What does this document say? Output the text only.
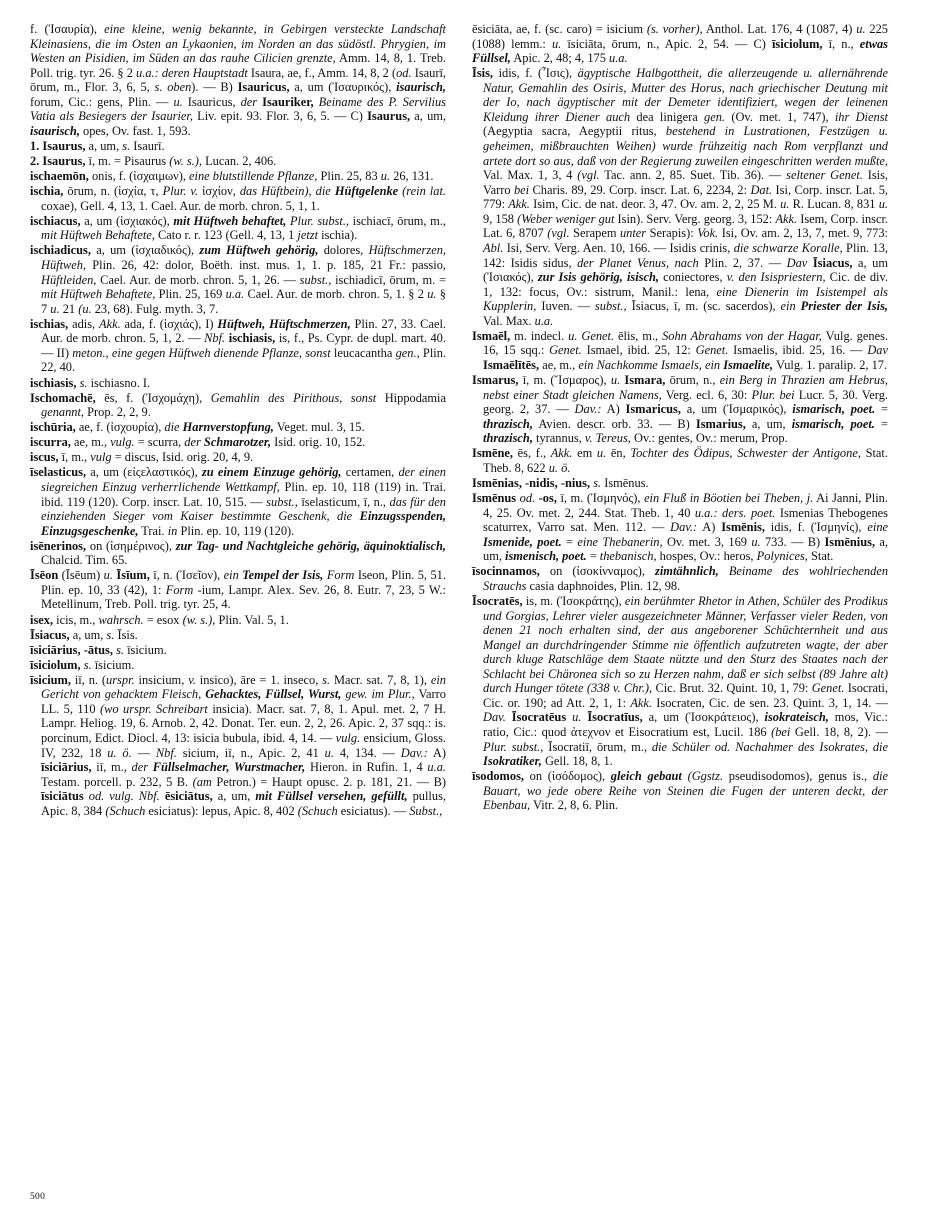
f. (Ἰσαυρία), eine kleine, wenig bekannte, in Gebirgen versteckte Landschaft Kleinasiens, die im Osten an Lykaonien, im Norden an das südöstl. Phrygien, im Westen an Pisidien, im Süden an das rauhe Cilicien grenzte, Amm. 14, 8, 1. Treb. Poll. trig. tyr. 26. § 2 u.a.: deren Hauptstadt Isaura, ae, f., Amm. 14, 8, 2 (od. Isaurī, ōrum, m., Flor. 3, 6, 5, s. oben). — B) Isauricus, a, um (Ἰσαυρικός), isaurisch, forum, Cic.: gens, Plin. — u. Isauricus, der Isauriker, Beiname des P. Servilius Vatia als Besiegers der Isaurier, Liv. epit. 93. Flor. 3, 6, 5. — C) Isaurus, a, um, isaurisch, opes, Ov. fast. 1, 593.

1. Isaurus, a, um, s. Isaurī.

2. Isaurus, ī, m. = Pisaurus (w. s.), Lucan. 2, 406.

ischaemōn, onis, f. (ἰσχαιμων), eine blutstillende Pflanze, Plin. 25, 83 u. 26, 131.

ischia, ōrum, n. (ἰσχία, τ, Plur. v. ἰσχίον, das Hüftbein), die Hüftgelenke (rein lat. coxae), Gell. 4, 13, 1. Cael. Aur. de morb. chron. 5, 1, 1.

ischiacus, a, um (ἰσχιακός), mit Hüftweh behaftet, Plur. subst., ischiacī, ōrum, m., mit Hüftweh Behaftete, Cato r. r. 123 (Gell. 4, 13, 1 jetzt ischia).

ischiadicus, a, um (ἰσχιαδικός), zum Hüftweh gehörig, dolores, Hüftschmerzen, Hüftweh, Plin. 26, 42: dolor, Boëth. inst. mus. 1, 1. p. 185, 21 Fr.: passio, Hüftleiden, Cael. Aur. de morb. chron. 5, 1, 26. — subst., ischiadicī, ōrum, m. = mit Hüftweh Behaftete, Plin. 25, 169 u.a. Cael. Aur. de morb. chron. 5, 1. § 2 u. § 7 u. 21 (u. 23, 68). Fulg. myth. 3, 7.

ischias, adis, Akk. ada, f. (ἰσχιάς), I) Hüftweh, Hüftschmerzen, Plin. 27, 33. Cael. Aur. de morb. chron. 5, 1, 2. — Nbf. ischiasis, is, f., Ps. Cypr. de dupl. mart. 40. — II) meton., eine gegen Hüftweh dienende Pflanze, sonst leucacantha gen., Plin. 22, 40.

ischiasis, s. ischiasno. I.

Ischomachē, ēs, f. (Ἰσχομάχη), Gemahlin des Pirithous, sonst Hippodamia genannt, Prop. 2, 2, 9.

ischūria, ae, f. (ἰσχουρία), die Harnverstopfung, Veget. mul. 3, 15.

iscurra, ae, m., vulg. = scurra, der Schmarotzer, Isid. orig. 10, 152.

iscus, ī, m., vulg = discus, Isid. orig. 20, 4, 9.

īselasticus, a, um (εἰςελαστικός), zu einem Einzuge gehörig, certamen, der einen siegreichen Einzug verherrlichende Wettkampf, Plin. ep. 10, 118 (119) in. Trai. ibid. 119 (120). Corp. inscr. Lat. 10, 515. — subst., īselasticum, ī, n., das für den einziehenden Sieger vom Kaiser bestimmte Geschenk, die Einzugsspenden, Einzugsgeschenke, Trai. in Plin. ep. 10, 119 (120).

isēnerinos, on (ἰσημέρινος), zur Tag- und Nachtgleiche gehörig, äquinoktialisch, Chalcid. Tim. 65.

Īsēon (Īsēum) u. Īsīum, ī, n. (Ἰσεῖον), ein Tempel der Isis, Form Iseon, Plin. 5, 51. Plin. ep. 10, 33 (42), 1: Form -ium, Lampr. Alex. Sev. 26, 8. Eutr. 7, 23, 5 W.: Metellinum, Treb. Poll. trig. tyr. 25, 4.

isex, icis, m., wahrsch. = esox (w. s.), Plin. Val. 5, 1.

Īsiacus, a, um, s. Īsis.

īsiciārius, -ātus, s. īsicium.

īsiciolum, s. īsicium.

īsicium, iī, n. (urspr. insicium, v. insico), āre = 1. inseco, s. Macr. sat. 7, 8, 1), ein Gericht von gehacktem Fleisch, Gehacktes, Füllsel, Wurst, gew. im Plur., Varro LL. 5, 110 (wo urspr. Schreibart insicia). Macr. sat. 7, 8, 1. Apul. met. 2, 7 H. Lampr. Heliog. 19, 6. Arnob. 2, 42. Donat. Ter. eun. 2, 2, 26. Apic. 2, 37 sqq.: is. porcinum, Edict. Diocl. 4, 13: isicia bubula, ibid. 4, 14. — vulg. ensicium, Gloss. IV, 232, 18 u. ö. — Nbf. sicium, iī, n., Apic. 2, 41 u. 4, 134. — Dav.: A) īsiciārius, iī, m., der Füllselmacher, Wurstmacher, Hieron. in Rufin. 1, 4 u.a. Testam. porcell. p. 232, 5 B. (am Petron.) = Haupt opusc. 2. p. 181, 21. — B) īsiciātus od. vulg. Nbf. ēsiciātus, a, um, mit Füllsel versehen, gefüllt, pullus, Apic. 8, 384 (Schuch esiciatus): lepus, Apic. 8, 402 (Schuch esiciatus). — Subst.,

ēsiciāta, ae, f. (sc. caro) = isicium (s. vorher), Anthol. Lat. 176, 4 (1087, 4) u. 225 (1088) lemm.: u. īsiciāta, ōrum, n., Apic. 2, 54. — C) īsiciolum, ī, n., etwas Füllsel, Apic. 2, 48; 4, 175 u.a.

Īsis, idis, f. (Ἶσις), ägyptische Halbgottheit, die allerzeugende u. allernährende Natur, Gemahlin des Osiris, Mutter des Horus, nach griechischer Deutung mit der Io, nach ägyptischer mit der Demeter identifiziert, wegen der leinenen Kleidung ihrer Diener auch dea linigera gen. (Ov. met. 1, 747), ihr Dienst (Aegyptia sacra, Aegyptii ritus, bestehend in Lustrationen, Festzügen u. geheimen, mißbrauchten Weihen) wurde frühzeitig nach Rom verpflanzt und artete dort so aus, daß von der Regierung zuweilen eingeschritten werden mußte, Val. Max. 1, 3, 4 (vgl. Tac. ann. 2, 85. Suet. Tib. 36). — seltener Genet. Isis, Varro bei Charis. 89, 29. Corp. inscr. Lat. 6, 2234, 2: Dat. Isi, Corp. inscr. Lat. 5, 779: Akk. Isim, Cic. de nat. deor. 3, 47. Ov. am. 2, 2, 25 M. u. R. Lucan. 8, 831 u. 9, 158 (Weber weniger gut Isin). Serv. Verg. georg. 3, 152: Akk. Isem, Corp. inscr. Lat. 6, 8707 (vgl. Serapem unter Serapis): Vok. Isi, Ov. am. 2, 13, 7, met. 9, 773: Abl. Isi, Serv. Verg. Aen. 10, 166. — Isidis crinis, die schwarze Koralle, Plin. 13, 142: Isidis sidus, der Planet Venus, nach Plin. 2, 37. — Dav Īsiacus, a, um (Ἰσιακός), zur Isis gehörig, isisch, coniectores, v. den Isispriestern, Cic. de div. 1, 132: focus, Ov.: sistrum, Manil.: lena, eine Dienerin im Isistempel als Kupplerin, Iuven. — subst., Īsiacus, ī, m. (sc. sacerdos), ein Priester der Isis, Val. Max. u.a.

Ismaēl, m. indecl. u. Genet. ēlis, m., Sohn Abrahams von der Hagar, Vulg. genes. 16, 15 sqq.: Genet. Ismael, ibid. 25, 12: Genet. Ismaelis, ibid. 25, 16. — Dav Ismaēlītēs, ae, m., ein Nachkomme Ismaels, ein Ismaelite, Vulg. 1. paralip. 2, 17.

Ismarus, ī, m. (Ἴσμαρος), u. Ismara, ōrum, n., ein Berg in Thrazien am Hebrus, nebst einer Stadt gleichen Namens, Verg. ecl. 6, 30: Plur. bei Lucr. 5, 30. Verg. georg. 2, 37. — Dav.: A) Ismaricus, a, um (Ἰσμαρικός), ismarisch, poet. = thrazisch, Avien. descr. orb. 33. — B) Ismarius, a, um, ismarisch, poet. = thrazisch, tyrannus, v. Tereus, Ov.: gentes, Ov.: merum, Prop.

Ismēne, ēs, f., Akk. em u. ēn, Tochter des Ödipus, Schwester der Antigone, Stat. Theb. 8, 622 u. ö.

Ismēnias, -nidis, -nius, s. Ismēnus.

Ismēnus od. -os, ī, m. (Ἰσμηνός), ein Fluß in Böotien bei Theben, j. Ai Janni, Plin. 4, 25. Ov. met. 2, 244. Stat. Theb. 1, 40 u.a.: ders. poet. Ismenias Thebogenes scaturrex, Varro sat. Men. 112. — Dav.: A) Ismēnis, idis, f. (Ἰσμηνίς), eine Ismenide, poet. = eine Thebanerin, Ov. met. 3, 169 u. 733. — B) Ismēnius, a, um, ismenisch, poet. = thebanisch, hospes, Ov.: heros, Polynices, Stat.

īsocinnamos, on (ἰσοκίνναμος), zimtähnlich, Beiname des wohlriechenden Strauchs casia daphnoides, Plin. 12, 98.

Īsocratēs, is, m. (Ἰσοκράτης), ein berühmter Rhetor in Athen, Schüler des Prodikus und Gorgias, Lehrer vieler ausgezeichneter Männer, Verfasser vieler Reden, von denen 21 noch erhalten sind, der aus angeborener Schüchternheit und aus Mangel an durchdringender Stimme nie öffentlich aufzutreten wagte, der aber durch kluge Ratschläge dem Staate nützte und den Sturz des Staates nach der Schlacht bei Chäronea sich so zu Herzen nahm, daß er sich selbst (89 Jahre alt) durch Hunger tötete (338 v. Chr.), Cic. Brut. 32. Quint. 10, 1, 79: Genet. Isocrati, Cic. or. 190; ad Att. 2, 1, 1: Akk. Isocraten, Cic. de sen. 23. Quint. 3, 1, 14. — Dav. Īsocratēus u. Īsocratīus, a, um (Ἰσοκράτειος), isokrateisch, mos, Vic.: ratio, Cic.: quod ἀτεχνον et Eisocratium est, Lucil. 186 (bei Gell. 18, 8, 2). — Plur. subst., Īsocratiī, ōrum, m., die Schüler od. Nachahmer des Isokrates, die Isokratiker, Gell. 18, 8, 1.

īsodomos, on (ἰσόδομος), gleich gebaut (Ggstz. pseudisodomos), genus is., die Bauart, wo jede obere Reihe von Steinen die Fugen der unteren deckt, der Ebenbau, Vitr. 2, 8, 6. Plin.

500
